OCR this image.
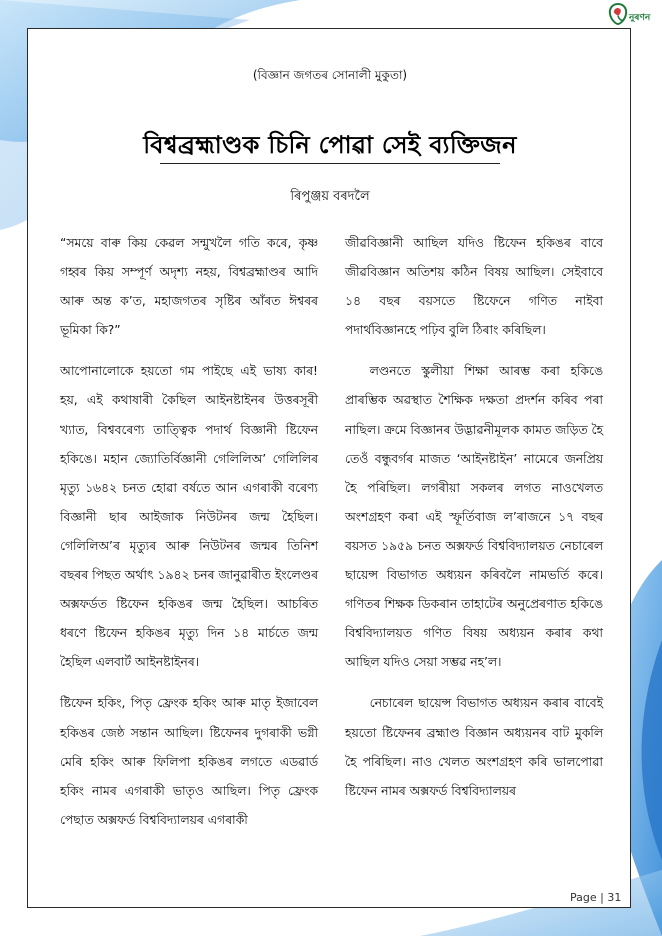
নুৰণন
(বিজ্ঞান জগতৰ সোনালী মুকুতা)
বিশ্বব্ৰহ্মাণ্ডক চিনি পোৱা সেই ব্যক্তিজন
ৰিপুঞ্জয় বৰদলৈ

“সময়ে বাৰু কিয় কেৱল সন্মুখলৈ গতি কৰে, কৃষ্ণ গহ্বৰ কিয় সম্পূৰ্ণ অদৃশ্য নহয়, বিশ্বব্ৰহ্মাণ্ডৰ আদি আৰু অন্ত ক’ত, মহাজগতৰ সৃষ্টিৰ আঁৰত ঈশ্বৰৰ ভূমিকা কি?”

আপোনালোকে হয়তো গম পাইছে এই ভাষ্য কাৰ! হয়, এই কথাষাৰী কৈছিল আইনষ্টাইনৰ উত্তৰসূৰী খ্যাত, বিশ্ববৰেণ্য তাত্ত্বিক পদাৰ্থ বিজ্ঞানী ষ্টিফেন হকিঙে। মহান জ্যোতিৰ্বিজ্ঞানী গেলিলিঅ’ গেলিলিৰ মৃত্যু ১৬৪২ চনত হোৱা বৰ্ষতে আন এগৰাকী বৰেণ্য বিজ্ঞানী ছাৰ আইজাক নিউটনৰ জন্ম হৈছিল। গেলিলিঅ’ৰ মৃত্যুৰ আৰু নিউটনৰ জন্মৰ তিনিশ বছৰৰ পিছত অৰ্থাৎ ১৯৪২ চনৰ জানুৱাৰীত ইংলেণ্ডৰ অক্সফৰ্ডত ষ্টিফেন হকিঙৰ জন্ম হৈছিল। আচৰিত ধৰণে ষ্টিফেন হকিঙৰ মৃত্যু দিন ১৪ মাৰ্চতে জন্ম হৈছিল এলবাৰ্ট আইনষ্টাইনৰ।

ষ্টিফেন হকিং, পিতৃ ফ্ৰেংক হকিং আৰু মাতৃ ইজাবেল হকিঙৰ জেষ্ঠ সন্তান আছিল। ষ্টিফেনৰ দুগৰাকী ভগ্নী মেৰি হকিং আৰু ফিলিপা হকিঙৰ লগতে এডৱাৰ্ড হকিং নামৰ এগৰাকী ভাতৃও আছিল। পিতৃ ফ্ৰেংক পেছাত অক্সফৰ্ড বিশ্ববিদ্যালয়ৰ এগৰাকী

জীৱবিজ্ঞানী আছিল যদিও ষ্টিফেন হকিঙৰ বাবে জীৱবিজ্ঞান অতিশয় কঠিন বিষয় আছিল। সেইবাবে ১৪ বছৰ বয়সতে ষ্টিফেনে গণিত নাইবা পদাৰ্থবিজ্ঞানহে পঢ়িব বুলি ঠিৰাং কৰিছিল।

লণ্ডনতে স্কুলীয়া শিক্ষা আৰম্ভ কৰা হকিঙে প্ৰাৰম্ভিক অৱস্থাত শৈক্ষিক দক্ষতা প্ৰদৰ্শন কৰিব পৰা নাছিল। ক্ৰমে বিজ্ঞানৰ উদ্ভাৱনীমূলক কামত জড়িত হৈ তেওঁ বন্ধুবৰ্গৰ মাজত ‘আইনষ্টাইন’ নামেৰে জনপ্ৰিয় হৈ পৰিছিল। লগৰীয়া সকলৰ লগত নাওখেলত অংশগ্ৰহণ কৰা এই স্ফূৰ্তিবাজ ল’ৰাজনে ১৭ বছৰ বয়সত ১৯৫৯ চনত অক্সফৰ্ড বিশ্ববিদ্যালয়ত নেচাৰেল ছায়েন্স বিভাগত অধ্যয়ন কৰিবলৈ নামভৰ্তি কৰে। গণিতৰ শিক্ষক ডিকৰান তাহাটেৰ অনুপ্ৰেৰণাত হকিঙে বিশ্ববিদ্যালয়ত গণিত বিষয় অধ্যয়ন কৰাৰ কথা আছিল যদিও সেয়া সম্ভৱ নহ’ল।

নেচাৰেল ছায়েন্স বিভাগত অধ্যয়ন কৰাৰ বাবেই হয়তো ষ্টিফেনৰ ব্ৰহ্মাণ্ড বিজ্ঞান অধ্যয়নৰ বাট মুকলি হৈ পৰিছিল। নাও খেলত অংশগ্ৰহণ কৰি ভালপোৱা ষ্টিফেন নামৰ অক্সফৰ্ড বিশ্ববিদ্যালয়ৰ

Page | 31
